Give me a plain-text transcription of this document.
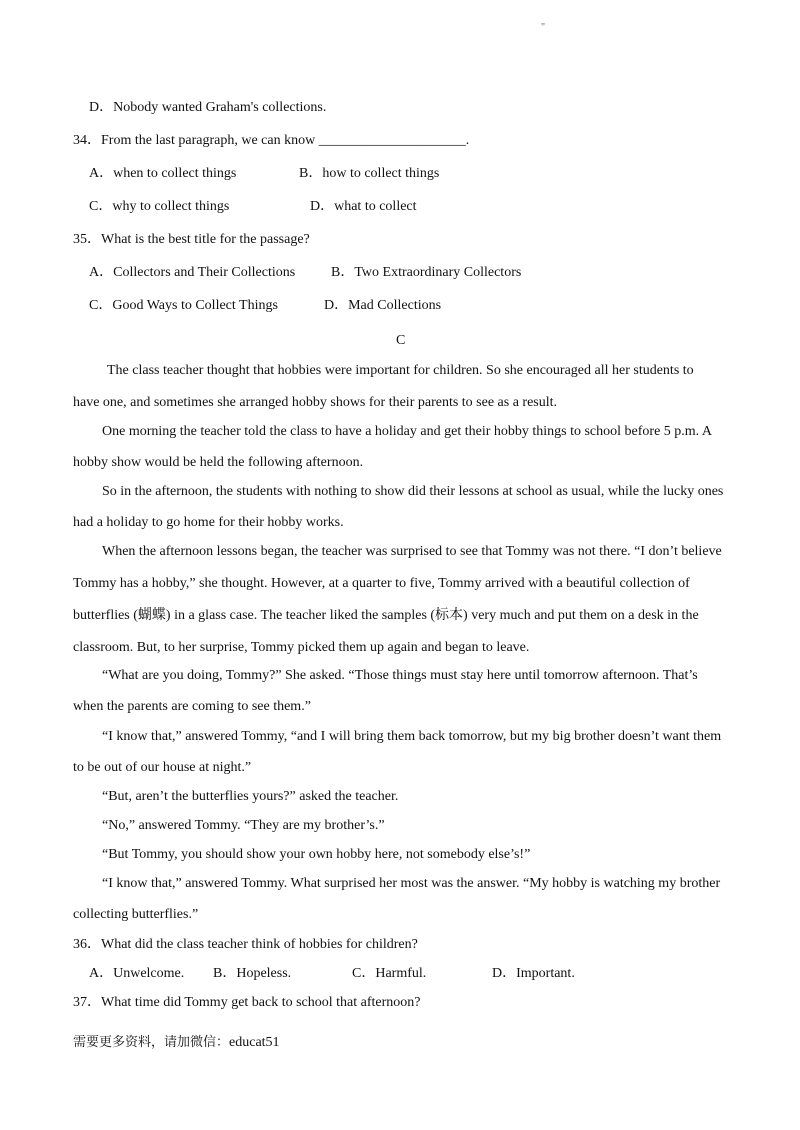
"
D．Nobody wanted Graham's collections.
34．From the last paragraph, we can know _____________________.
A．when to collect things	B．how to collect things
C．why to collect things	D．what to collect
35．What is the best title for the passage?
A．Collectors and Their Collections	B．Two Extraordinary Collectors
C．Good Ways to Collect Things	D．Mad Collections
C
The class teacher thought that hobbies were important for children. So she encouraged all her students to
have one, and sometimes she arranged hobby shows for their parents to see as a result.
One morning the teacher told the class to have a holiday and get their hobby things to school before 5 p.m. A
hobby show would be held the following afternoon.
So in the afternoon, the students with nothing to show did their lessons at school as usual, while the lucky ones
had a holiday to go home for their hobby works.
When the afternoon lessons began, the teacher was surprised to see that Tommy was not there. “I don’t believe
Tommy has a hobby,” she thought. However, at a quarter to five, Tommy arrived with a beautiful collection of
butterflies (蝴蝶) in a glass case. The teacher liked the samples (标本) very much and put them on a desk in the
classroom. But, to her surprise, Tommy picked them up again and began to leave.
“What are you doing, Tommy?” She asked. “Those things must stay here until tomorrow afternoon. That’s
when the parents are coming to see them.”
“I know that,” answered Tommy, “and I will bring them back tomorrow, but my big brother doesn’t want them
to be out of our house at night.”
“But, aren’t the butterflies yours?” asked the teacher.
“No,” answered Tommy. “They are my brother’s.”
“But Tommy, you should show your own hobby here, not somebody else’s!”
“I know that,” answered Tommy. What surprised her most was the answer. “My hobby is watching my brother
collecting butterflies.”
36．What did the class teacher think of hobbies for children?
A．Unwelcome. B．Hopeless.	C．Harmful.	D．Important.
37．What time did Tommy get back to school that afternoon?
需要更多资料，请加微信：educat51
